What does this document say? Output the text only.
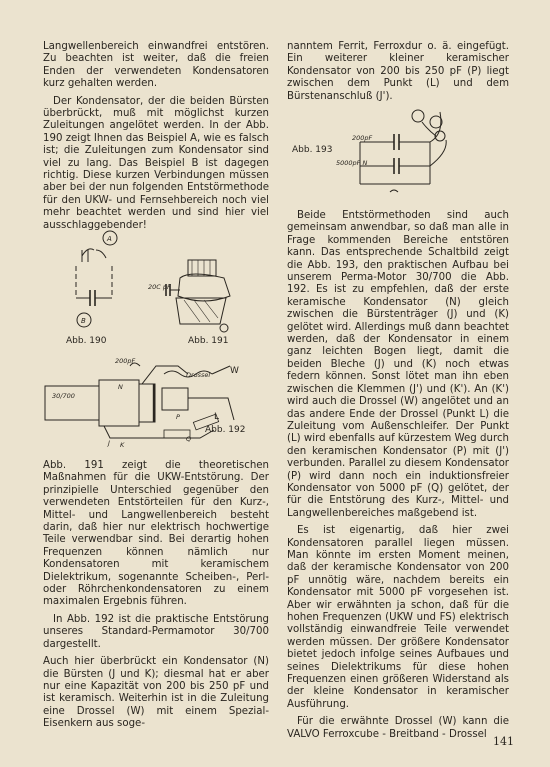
Langwellenbereich einwandfrei entstören. Zu beachten ist weiter, daß die freien Enden der verwendeten Kondensatoren kurz gehalten werden.

Der Kondensator, der die beiden Bürsten überbrückt, muß mit möglichst kurzen Zuleitungen angelötet werden. In der Abb. 190 zeigt Ihnen das Beispiel A, wie es falsch ist; die Zuleitungen zum Kondensator sind viel zu lang. Das Beispiel B ist dagegen richtig. Diese kurzen Verbindungen müssen aber bei der nun folgenden Entstörmethode für den UKW- und Fernsehbereich noch viel mehr beachtet werden und sind hier viel ausschlaggebender!

A
B
Abb. 190
20C pF
Abb. 191
200pF
Drossel W
30/700
N
L
J K
Q
P
Abb. 192

Abb. 191 zeigt die theoretischen Maßnahmen für die UKW-Entstörung. Der prinzipielle Unterschied gegenüber den verwendeten Entstörteilen für den Kurz-, Mittel- und Langwellenbereich besteht darin, daß hier nur elektrisch hochwertige Teile verwendbar sind. Bei derartig hohen Frequenzen können nämlich nur Kondensatoren mit keramischem Dielektrikum, sogenannte Scheiben-, Perl- oder Röhrchenkondensatoren zu einem maximalen Ergebnis führen.

In Abb. 192 ist die praktische Entstörung unseres Standard-Permamotor 30/700 dargestellt.

Auch hier überbrückt ein Kondensator (N) die Bürsten (J und K); diesmal hat er aber nur eine Kapazität von 200 bis 250 pF und ist keramisch. Weiterhin ist in die Zuleitung eine Drossel (W) mit einem Spezial-Eisenkern aus soge-

nanntem Ferrit, Ferroxdur o. ä. eingefügt. Ein weiterer kleiner keramischer Kondensator von 200 bis 250 pF (P) liegt zwischen dem Punkt (L) und dem Bürstenanschluß (J').

Abb. 193
200pF
5000pF N

Beide Entstörmethoden sind auch gemeinsam anwendbar, so daß man alle in Frage kommenden Bereiche entstören kann. Das entsprechende Schaltbild zeigt die Abb. 193, den praktischen Aufbau bei unserem Perma-Motor 30/700 die Abb. 192. Es ist zu empfehlen, daß der erste keramische Kondensator (N) gleich zwischen die Bürstenträger (J) und (K) gelötet wird. Allerdings muß dann beachtet werden, daß der Kondensator in einem ganz leichten Bogen liegt, damit die beiden Bleche (J) und (K) noch etwas federn können. Sonst lötet man ihn eben zwischen die Klemmen (J') und (K'). An (K') wird auch die Drossel (W) angelötet und an das andere Ende der Drossel (Punkt L) die Zuleitung vom Außenschleifer. Der Punkt (L) wird ebenfalls auf kürzestem Weg durch den keramischen Kondensator (P) mit (J') verbunden. Parallel zu diesem Kondensator (P) wird dann noch ein induktionsfreier Kondensator von 5000 pF (Q) gelötet, der für die Entstörung des Kurz-, Mittel- und Langwellenbereiches maßgebend ist.

Es ist eigenartig, daß hier zwei Kondensatoren parallel liegen müssen. Man könnte im ersten Moment meinen, daß der keramische Kondensator von 200 pF unnötig wäre, nachdem bereits ein Kondensator mit 5000 pF vorgesehen ist. Aber wir erwähnten ja schon, daß für die hohen Frequenzen (UKW und FS) elektrisch vollständig einwandfreie Teile verwendet werden müssen. Der größere Kondensator bietet jedoch infolge seines Aufbaues und seines Dielektrikums für diese hohen Frequenzen einen größeren Widerstand als der kleine Kondensator in keramischer Ausführung.

Für die erwähnte Drossel (W) kann die VALVO Ferroxcube - Breitband - Drossel

141
